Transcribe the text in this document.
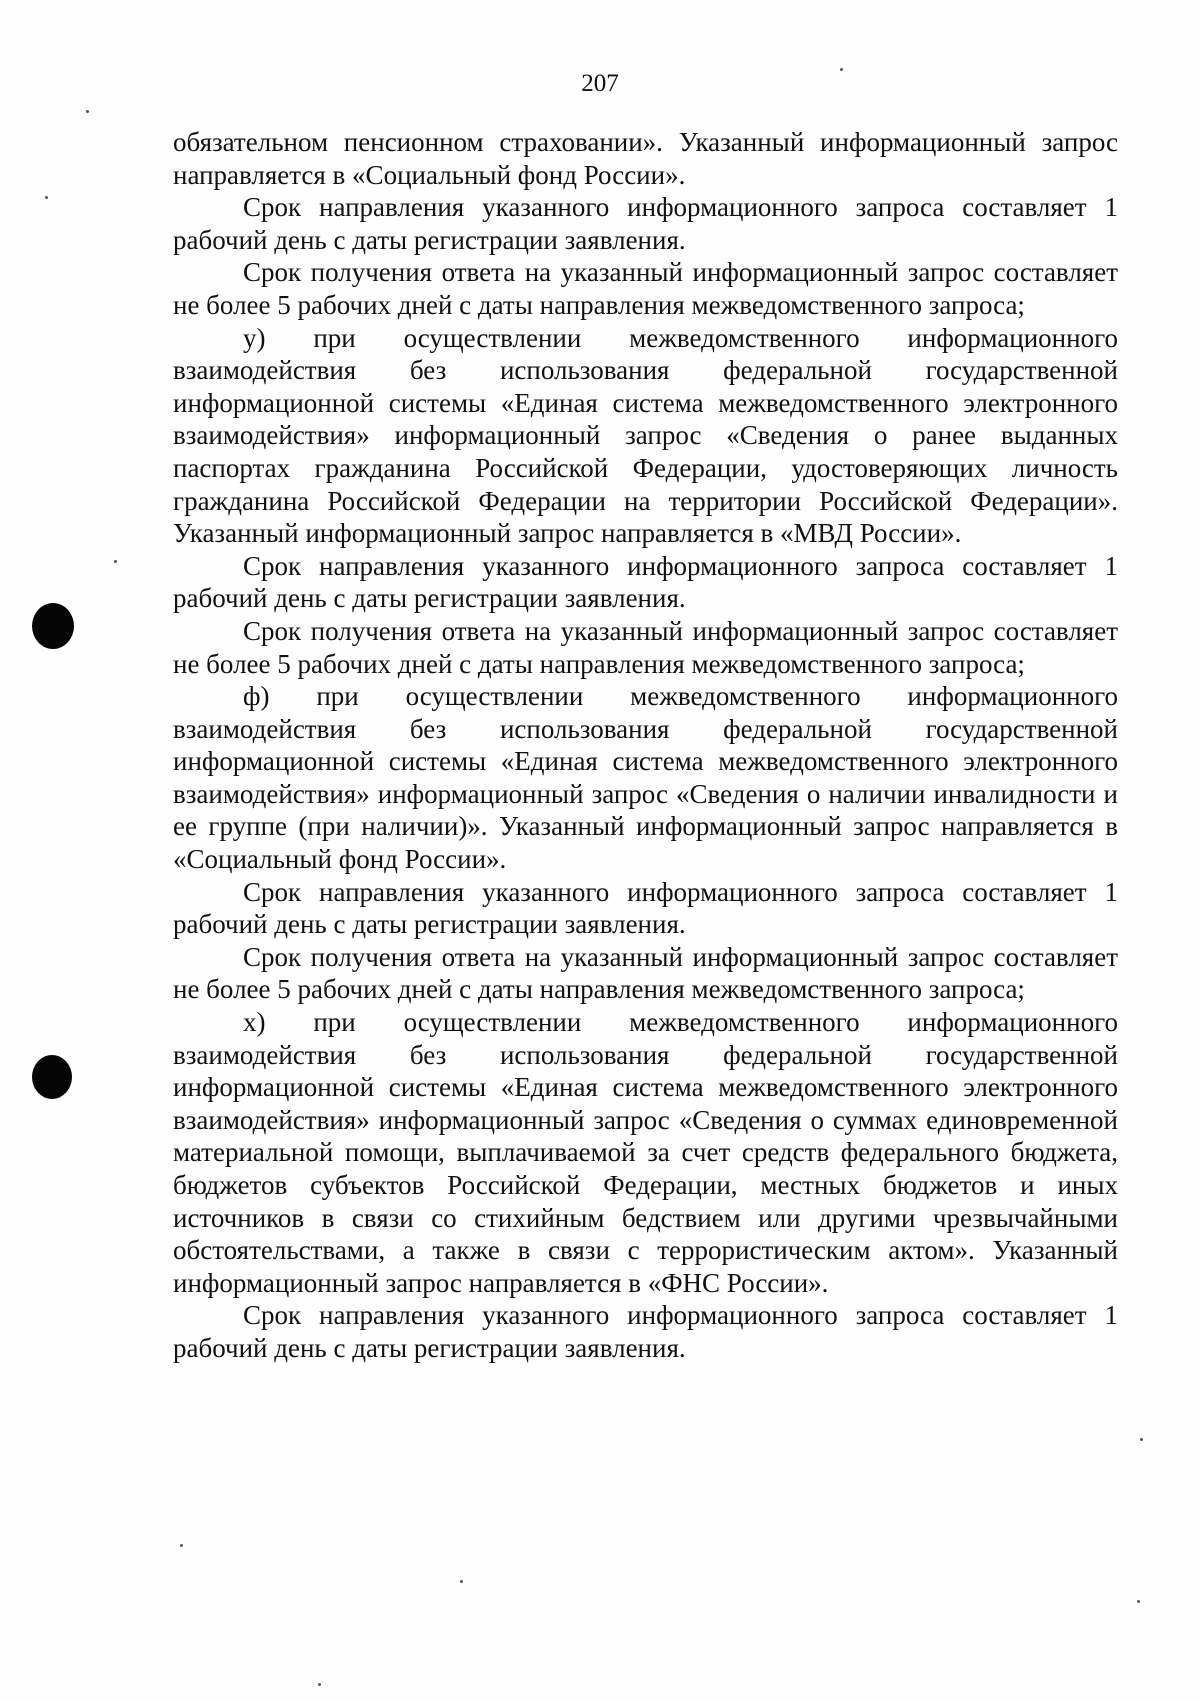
207

обязательном пенсионном страховании». Указанный информационный запрос направляется в «Социальный фонд России».

Срок направления указанного информационного запроса составляет 1 рабочий день с даты регистрации заявления.

Срок получения ответа на указанный информационный запрос составляет не более 5 рабочих дней с даты направления межведомственного запроса;

у) при осуществлении межведомственного информационного взаимодействия без использования федеральной государственной информационной системы «Единая система межведомственного электронного взаимодействия» информационный запрос «Сведения о ранее выданных паспортах гражданина Российской Федерации, удостоверяющих личность гражданина Российской Федерации на территории Российской Федерации». Указанный информационный запрос направляется в «МВД России».

Срок направления указанного информационного запроса составляет 1 рабочий день с даты регистрации заявления.

Срок получения ответа на указанный информационный запрос составляет не более 5 рабочих дней с даты направления межведомственного запроса;

ф) при осуществлении межведомственного информационного взаимодействия без использования федеральной государственной информационной системы «Единая система межведомственного электронного взаимодействия» информационный запрос «Сведения о наличии инвалидности и ее группе (при наличии)». Указанный информационный запрос направляется в «Социальный фонд России».

Срок направления указанного информационного запроса составляет 1 рабочий день с даты регистрации заявления.

Срок получения ответа на указанный информационный запрос составляет не более 5 рабочих дней с даты направления межведомственного запроса;

х) при осуществлении межведомственного информационного взаимодействия без использования федеральной государственной информационной системы «Единая система межведомственного электронного взаимодействия» информационный запрос «Сведения о суммах единовременной материальной помощи, выплачиваемой за счет средств федерального бюджета, бюджетов субъектов Российской Федерации, местных бюджетов и иных источников в связи со стихийным бедствием или другими чрезвычайными обстоятельствами, а также в связи с террористическим актом». Указанный информационный запрос направляется в «ФНС России».

Срок направления указанного информационного запроса составляет 1 рабочий день с даты регистрации заявления.
